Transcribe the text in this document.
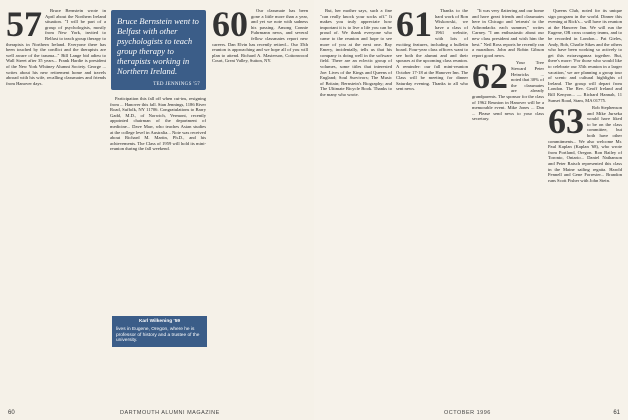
57	Bruce Bernstein wrote in April about the Northern Ireland situation. "I will be part of a group of psychologists, mostly from New York, invited to Belfast to teach group therapy to therapists in Northern Ireland. Everyone there has been touched by the conflict and the therapists are well aware of the trauma..." Bill Lange bid adieu to Wall Street after 35 years... Frank Hardie is president of the New York Whitney Alumni Society. George ... writes about his new retirement home and travels abroad with his wife, recalling classmates and friends from Hanover days.

Bruce Bernstein went to Belfast with other psychologists to teach group therapy to therapists working in Northern Ireland.
TED JENNINGS '57

Participation this fall off when cut-ins, resigning from ... Hanover this fall. Stan Jennings, 1186 River Road, Suffolk, NY 11706. Congratulations to Barry Gadd, M.D., of Norwich, Vermont, recently appointed chairman of the department of medicine... Dave Marr, who teaches Asian studies at the college level in Australia... Note was received about Richard M. Martin, Ph.D., and his achievements. The Class of 1959 will hold its mini-reunion during the fall weekend.

Karl Wilkening '59
lives in Eugene, Oregon, where he is professor of history and a trustee of the university.
60	Our classmate has been gone a little more than a year, and yet we note with sadness his passing. Among Connie Fuhrmann news, and several fellow classmates report new careers. Dan Elvin has recently retired... Our 35th reunion is approaching and we hope all of you will plan to attend. Richard A. Masterson, Cottonwood Court, Great Valley, Sutton, NY.

60	DARTMOUTH ALUMNI MAGAZINE

But, her mother says, such a fine "can really knock your socks off." It makes you truly appreciate how important it is to live a life you can be proud of. We thank everyone who came to the reunion and hope to see more of you at the next one. Ray Emery, incidentally, tells us that his company is doing well in the software field. There are an eclectic group of volumes, some titles that interested Joe: Lives of the Kings and Queens of England; Soul Survivors; The Music of Britain; Bernstein's Biography; and The Ultimate Bicycle Book. Thanks to the many who wrote.

61	Thanks to the hard work of Ron Wiskowski, we have a class of 1961 website, with lots of exciting features, including a bulletin board. Four-year class officers want to see both the alumni and and their spouses at the upcoming class reunion. A reminder: our fall mini-reunion October 17-18 at the Hanover Inn. The Class will be meeting for dinner Saturday evening. Thanks to all who sent news.

"It was very flattering and our home and have great friends and classmates here in Chicago and 'retreats' to the Adirondacks each summer," writes Carney. "I am enthusiastic about our new class president and wish him the best." Neil Ross reports he recently ran a marathon. John and Robin Gibson report good news.

62	Your Tree Steward Peter Heinricks ... noted that 30% of the classmates are already grandparents. The sponsor for the class of 1962 Reunion in Hanover will be a memorable event. Mike Jones ... Dan ... Please send news to your class secretary.

Queens Club, noted for its unique sign program in the world. Dinner this evening at Rick's... will have its reunion at the Hanover Inn. We will run the Eugene, OR cross country teams, and to be recorded in London... Pat Gieles, Andy, Bob, Charlie Sikes and the others who have been working so actively to get this extravaganza together. But, there's more: 'For those who would like to celebrate our 35th reunion in a larger vacation,' we are planning a group tour of scenic and cultural highlights of Ireland. The group will depart from London. The Rev. Geoff Ireland and Bill Kenyon... — Richard Hannah, 11 Sunset Road, Stam, MA 01775.

63	Rob Stephenson and Mike Jurseka would have liked to be on the class committee, but both have other commitments... We also welcome Mr. Paul Kaplan (Kaplan '68), who wrote from Portland, Oregon. Ron Bailey of Toronto, Ontario... Daniel Nathanson and Peter Raisch represented this class in the Maine sailing regatta. Harold Fennell and Gene Forrester... Brandon runs Scott Fisher with John Stein.

OCTOBER 1996	61
